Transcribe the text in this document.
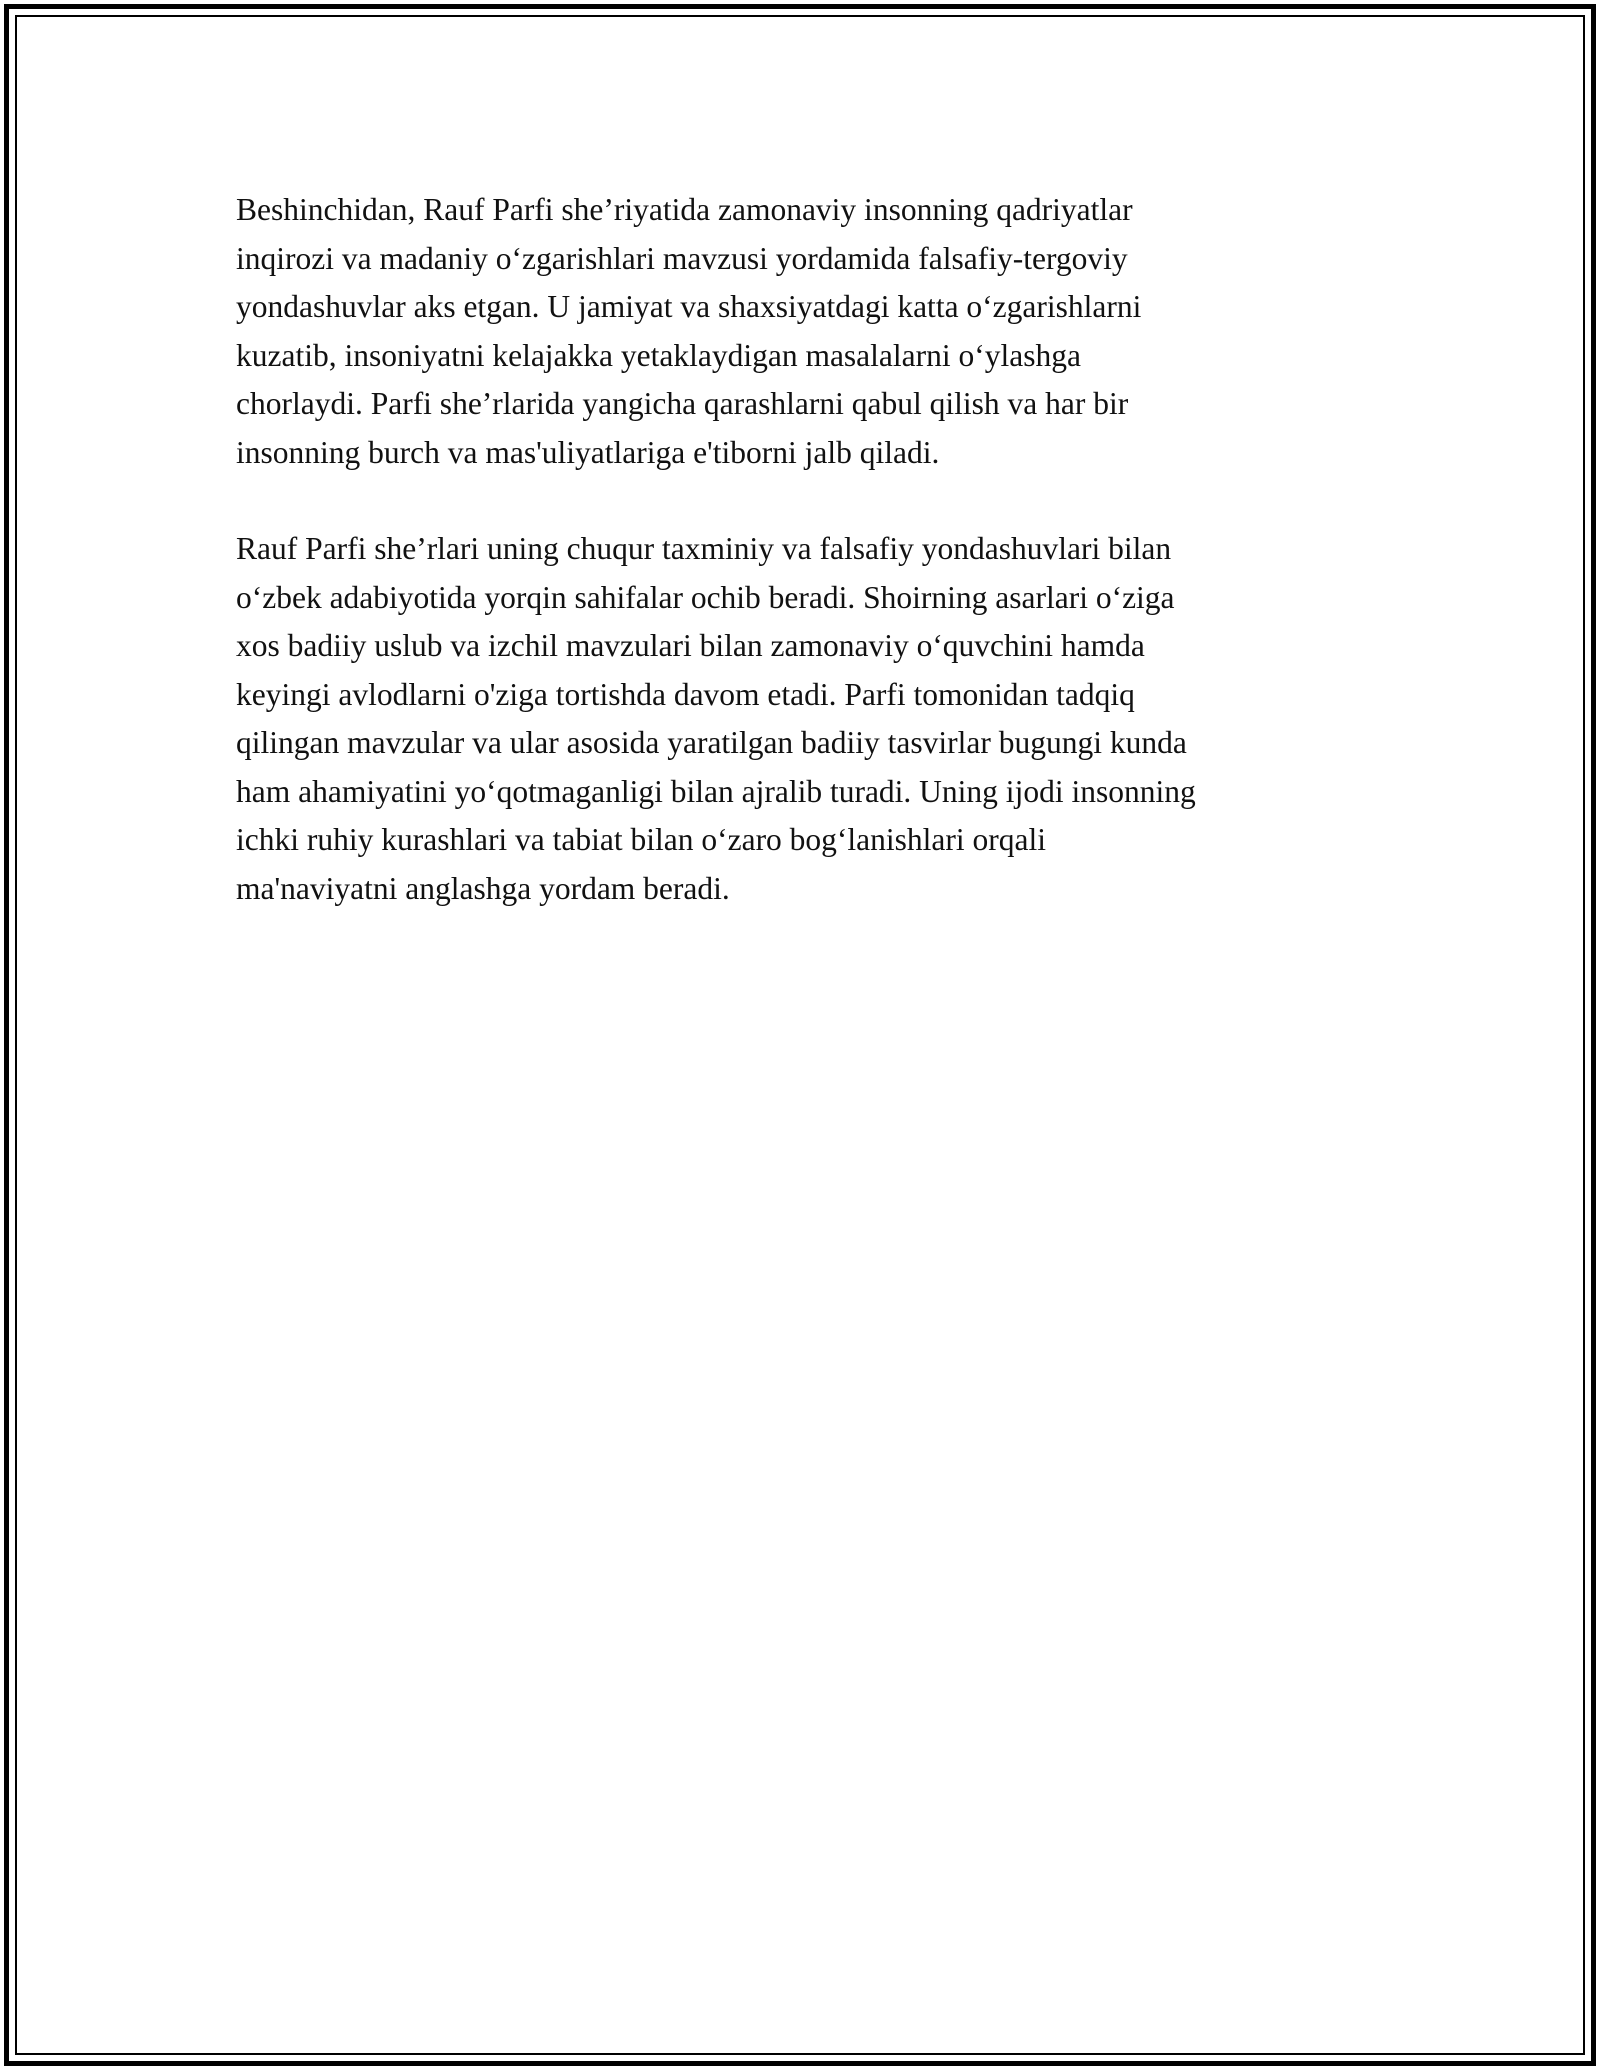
Beshinchidan, Rauf Parfi she’riyatida zamonaviy insonning qadriyatlar
inqirozi va madaniy o‘zgarishlari mavzusi yordamida falsafiy-tergoviy
yondashuvlar aks etgan. U jamiyat va shaxsiyatdagi katta o‘zgarishlarni
kuzatib, insoniyatni kelajakka yetaklaydigan masalalarni o‘ylashga
chorlaydi. Parfi she’rlarida yangicha qarashlarni qabul qilish va har bir
insonning burch va mas'uliyatlariga e'tiborni jalb qiladi.

Rauf Parfi she’rlari uning chuqur taxminiy va falsafiy yondashuvlari bilan
o‘zbek adabiyotida yorqin sahifalar ochib beradi. Shoirning asarlari o‘ziga
xos badiiy uslub va izchil mavzulari bilan zamonaviy o‘quvchini hamda
keyingi avlodlarni o'ziga tortishda davom etadi. Parfi tomonidan tadqiq
qilingan mavzular va ular asosida yaratilgan badiiy tasvirlar bugungi kunda
ham ahamiyatini yo‘qotmaganligi bilan ajralib turadi. Uning ijodi insonning
ichki ruhiy kurashlari va tabiat bilan o‘zaro bog‘lanishlari orqali
ma'naviyatni anglashga yordam beradi.
